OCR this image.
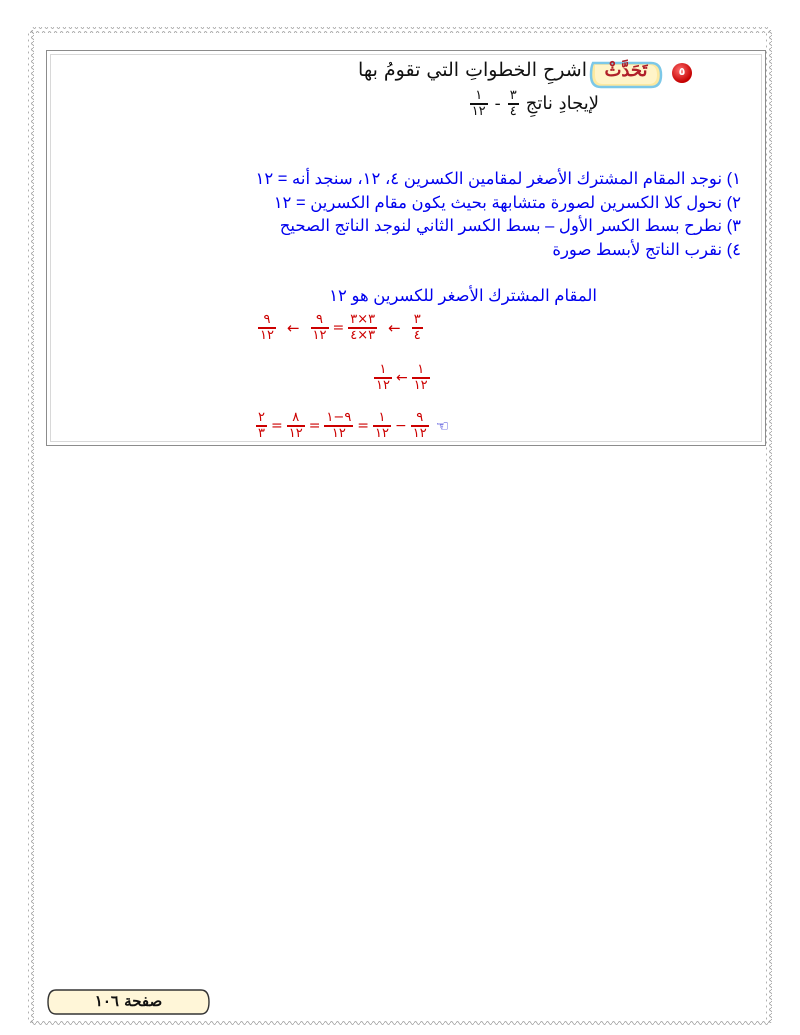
٥
تَحَدَّثْ
اشرحِ الخطواتِ التي تقومُ بها
لإيجادِ ناتجِ
$\frac{١}{١٢} - \frac{٣}{٤}$
١) نوجد المقام المشترك الأصغر لمقامين الكسرين ٤، ١٢، سنجد أنه = ١٢
٢) نحول كلا الكسرين لصورة متشابهة بحيث يكون مقام الكسرين = ١٢
٣) نطرح بسط الكسر الأول – بسط الكسر الثاني لنوجد الناتج الصحيح
٤) نقرب الناتج لأبسط صورة
المقام المشترك الأصغر للكسرين هو ١٢
$\frac{٩}{١٢}$ ← $\frac{٩}{١٢} = \frac{٣\times ٣}{٣\times ٤}$ ← $\frac{٣}{٤}$
$\frac{١}{١٢}$ ← $\frac{١}{١٢}$
$\frac{٢}{٣} = \frac{٨}{١٢} = \frac{٩-١}{١٢} = \frac{١}{١٢} - \frac{٩}{١٢}$ ☜
صفحة ١٠٦
